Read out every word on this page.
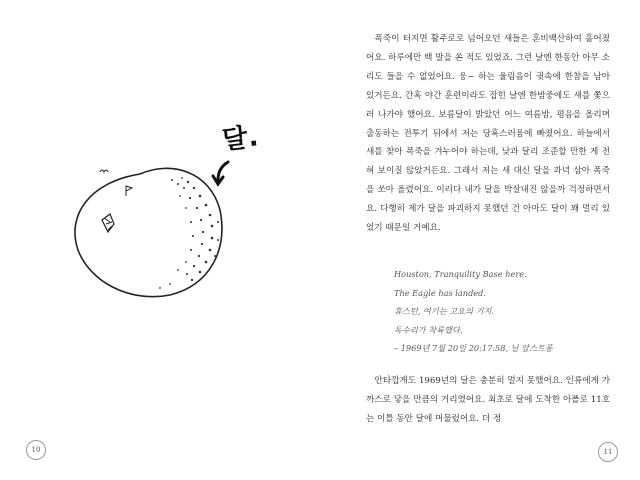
달.
10

폭죽이 터지면 활주로로 넘어오던 새들은 혼비백산하여 흩어졌어요. 하루에만 백 발을 쏜 적도 있었죠. 그런 날엔 한동안 아무 소리도 들을 수 없었어요. 웅~ 하는 울림음이 귓속에 한참을 남아 있거든요. 간혹 야간 훈련이라도 잡힌 날엔 한밤중에도 새를 쫓으러 나가야 했어요. 보름달이 밝았던 어느 여름밤, 평음을 올리며 출동하는 전투기 뒤에서 저는 당혹스러움에 빠졌어요. 하늘에서 새를 찾아 폭죽을 겨누어야 하는데, 낮과 달리 조준할 만한 게 전혀 보이질 않았거든요. 그래서 저는 새 대신 달을 과녁 삼아 폭죽을 쏘아 올렸어요. 이러다 내가 달을 박살내진 않을까 걱정하면서요. 다행히 제가 달을 파괴하지 못했던 건 아마도 달이 꽤 멀리 있었기 때문일 거예요.

Houston, Tranquility Base here.
The Eagle has landed.
휴스턴, 여기는 고요의 기지.
독수리가 착륙했다.
– 1969년 7월 20일 20:17:58, 닐 암스트롱

안타깝게도 1969년의 달은 충분히 멀지 못했어요. 인류에게 가까스로 닿을 만큼의 거리였어요. 최초로 달에 도착한 아폴로 11호는 이틀 동안 달에 머물렀어요. 더 정

11
